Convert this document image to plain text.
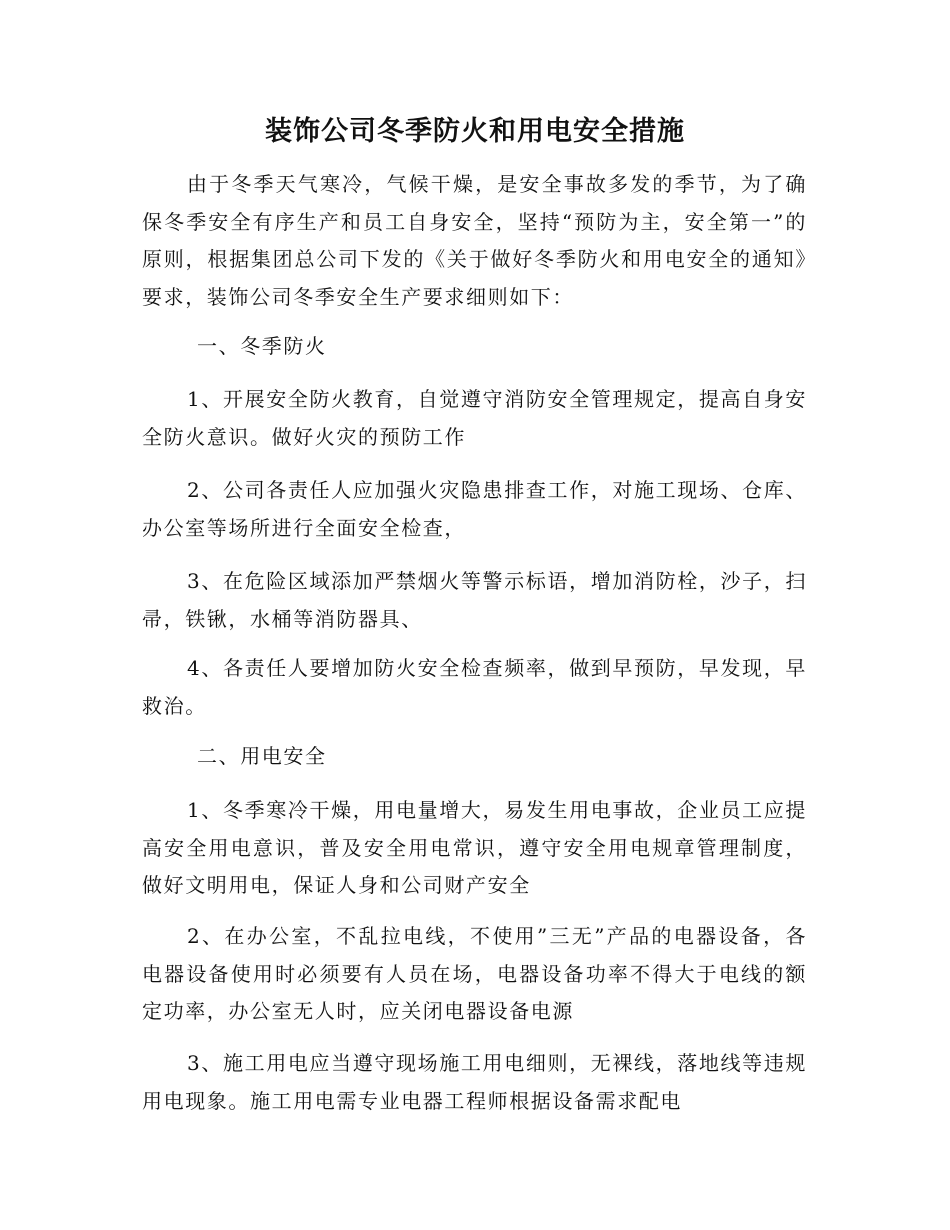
装饰公司冬季防火和用电安全措施

由于冬季天气寒冷，气候干燥，是安全事故多发的季节，为了确保冬季安全有序生产和员工自身安全，坚持“预防为主，安全第一”的原则，根据集团总公司下发的《关于做好冬季防火和用电安全的通知》要求，装饰公司冬季安全生产要求细则如下：

一、冬季防火

1、开展安全防火教育，自觉遵守消防安全管理规定，提高自身安全防火意识。做好火灾的预防工作

2、公司各责任人应加强火灾隐患排查工作，对施工现场、仓库、办公室等场所进行全面安全检查，

3、在危险区域添加严禁烟火等警示标语，增加消防栓，沙子，扫帚，铁锹，水桶等消防器具、

4、各责任人要增加防火安全检查频率，做到早预防，早发现，早救治。

二、用电安全

1、冬季寒冷干燥，用电量增大，易发生用电事故，企业员工应提高安全用电意识，普及安全用电常识，遵守安全用电规章管理制度，做好文明用电，保证人身和公司财产安全

2、在办公室，不乱拉电线，不使用”三无”产品的电器设备，各电器设备使用时必须要有人员在场，电器设备功率不得大于电线的额定功率，办公室无人时，应关闭电器设备电源

3、施工用电应当遵守现场施工用电细则，无裸线，落地线等违规用电现象。施工用电需专业电器工程师根据设备需求配电
